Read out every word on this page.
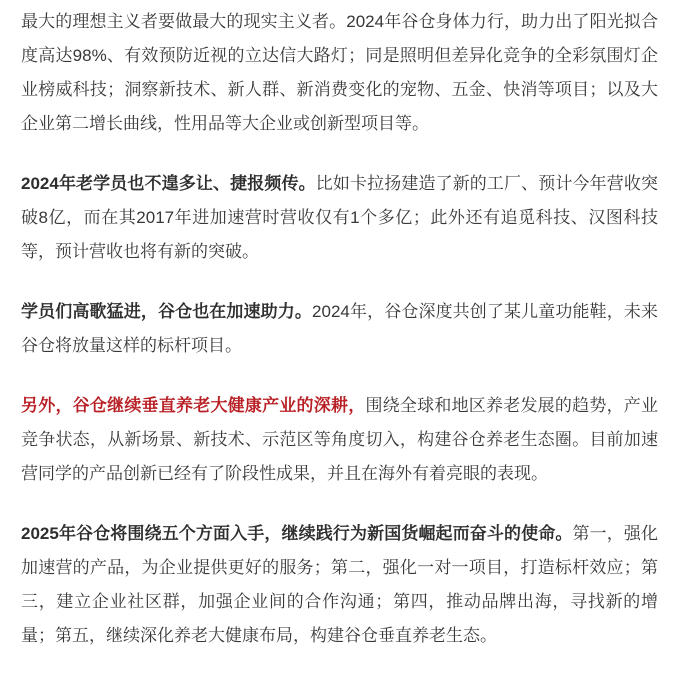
最大的理想主义者要做最大的现实主义者。2024年谷仓身体力行，助力出了阳光拟合度高达98%、有效预防近视的立达信大路灯；同是照明但差异化竞争的全彩氛围灯企业榜威科技；洞察新技术、新人群、新消费变化的宠物、五金、快消等项目；以及大企业第二增长曲线，性用品等大企业或创新型项目等。

2024年老学员也不遑多让、捷报频传。比如卡拉扬建造了新的工厂、预计今年营收突破8亿，而在其2017年进加速营时营收仅有1个多亿；此外还有追觅科技、汉图科技等，预计营收也将有新的突破。

学员们高歌猛进，谷仓也在加速助力。2024年，谷仓深度共创了某儿童功能鞋，未来谷仓将放量这样的标杆项目。

另外，谷仓继续垂直养老大健康产业的深耕，围绕全球和地区养老发展的趋势，产业竞争状态，从新场景、新技术、示范区等角度切入，构建谷仓养老生态圈。目前加速营同学的产品创新已经有了阶段性成果，并且在海外有着亮眼的表现。

2025年谷仓将围绕五个方面入手，继续践行为新国货崛起而奋斗的使命。第一，强化加速营的产品，为企业提供更好的服务；第二，强化一对一项目，打造标杆效应；第三，建立企业社区群，加强企业间的合作沟通；第四，推动品牌出海，寻找新的增量；第五，继续深化养老大健康布局，构建谷仓垂直养老生态。
